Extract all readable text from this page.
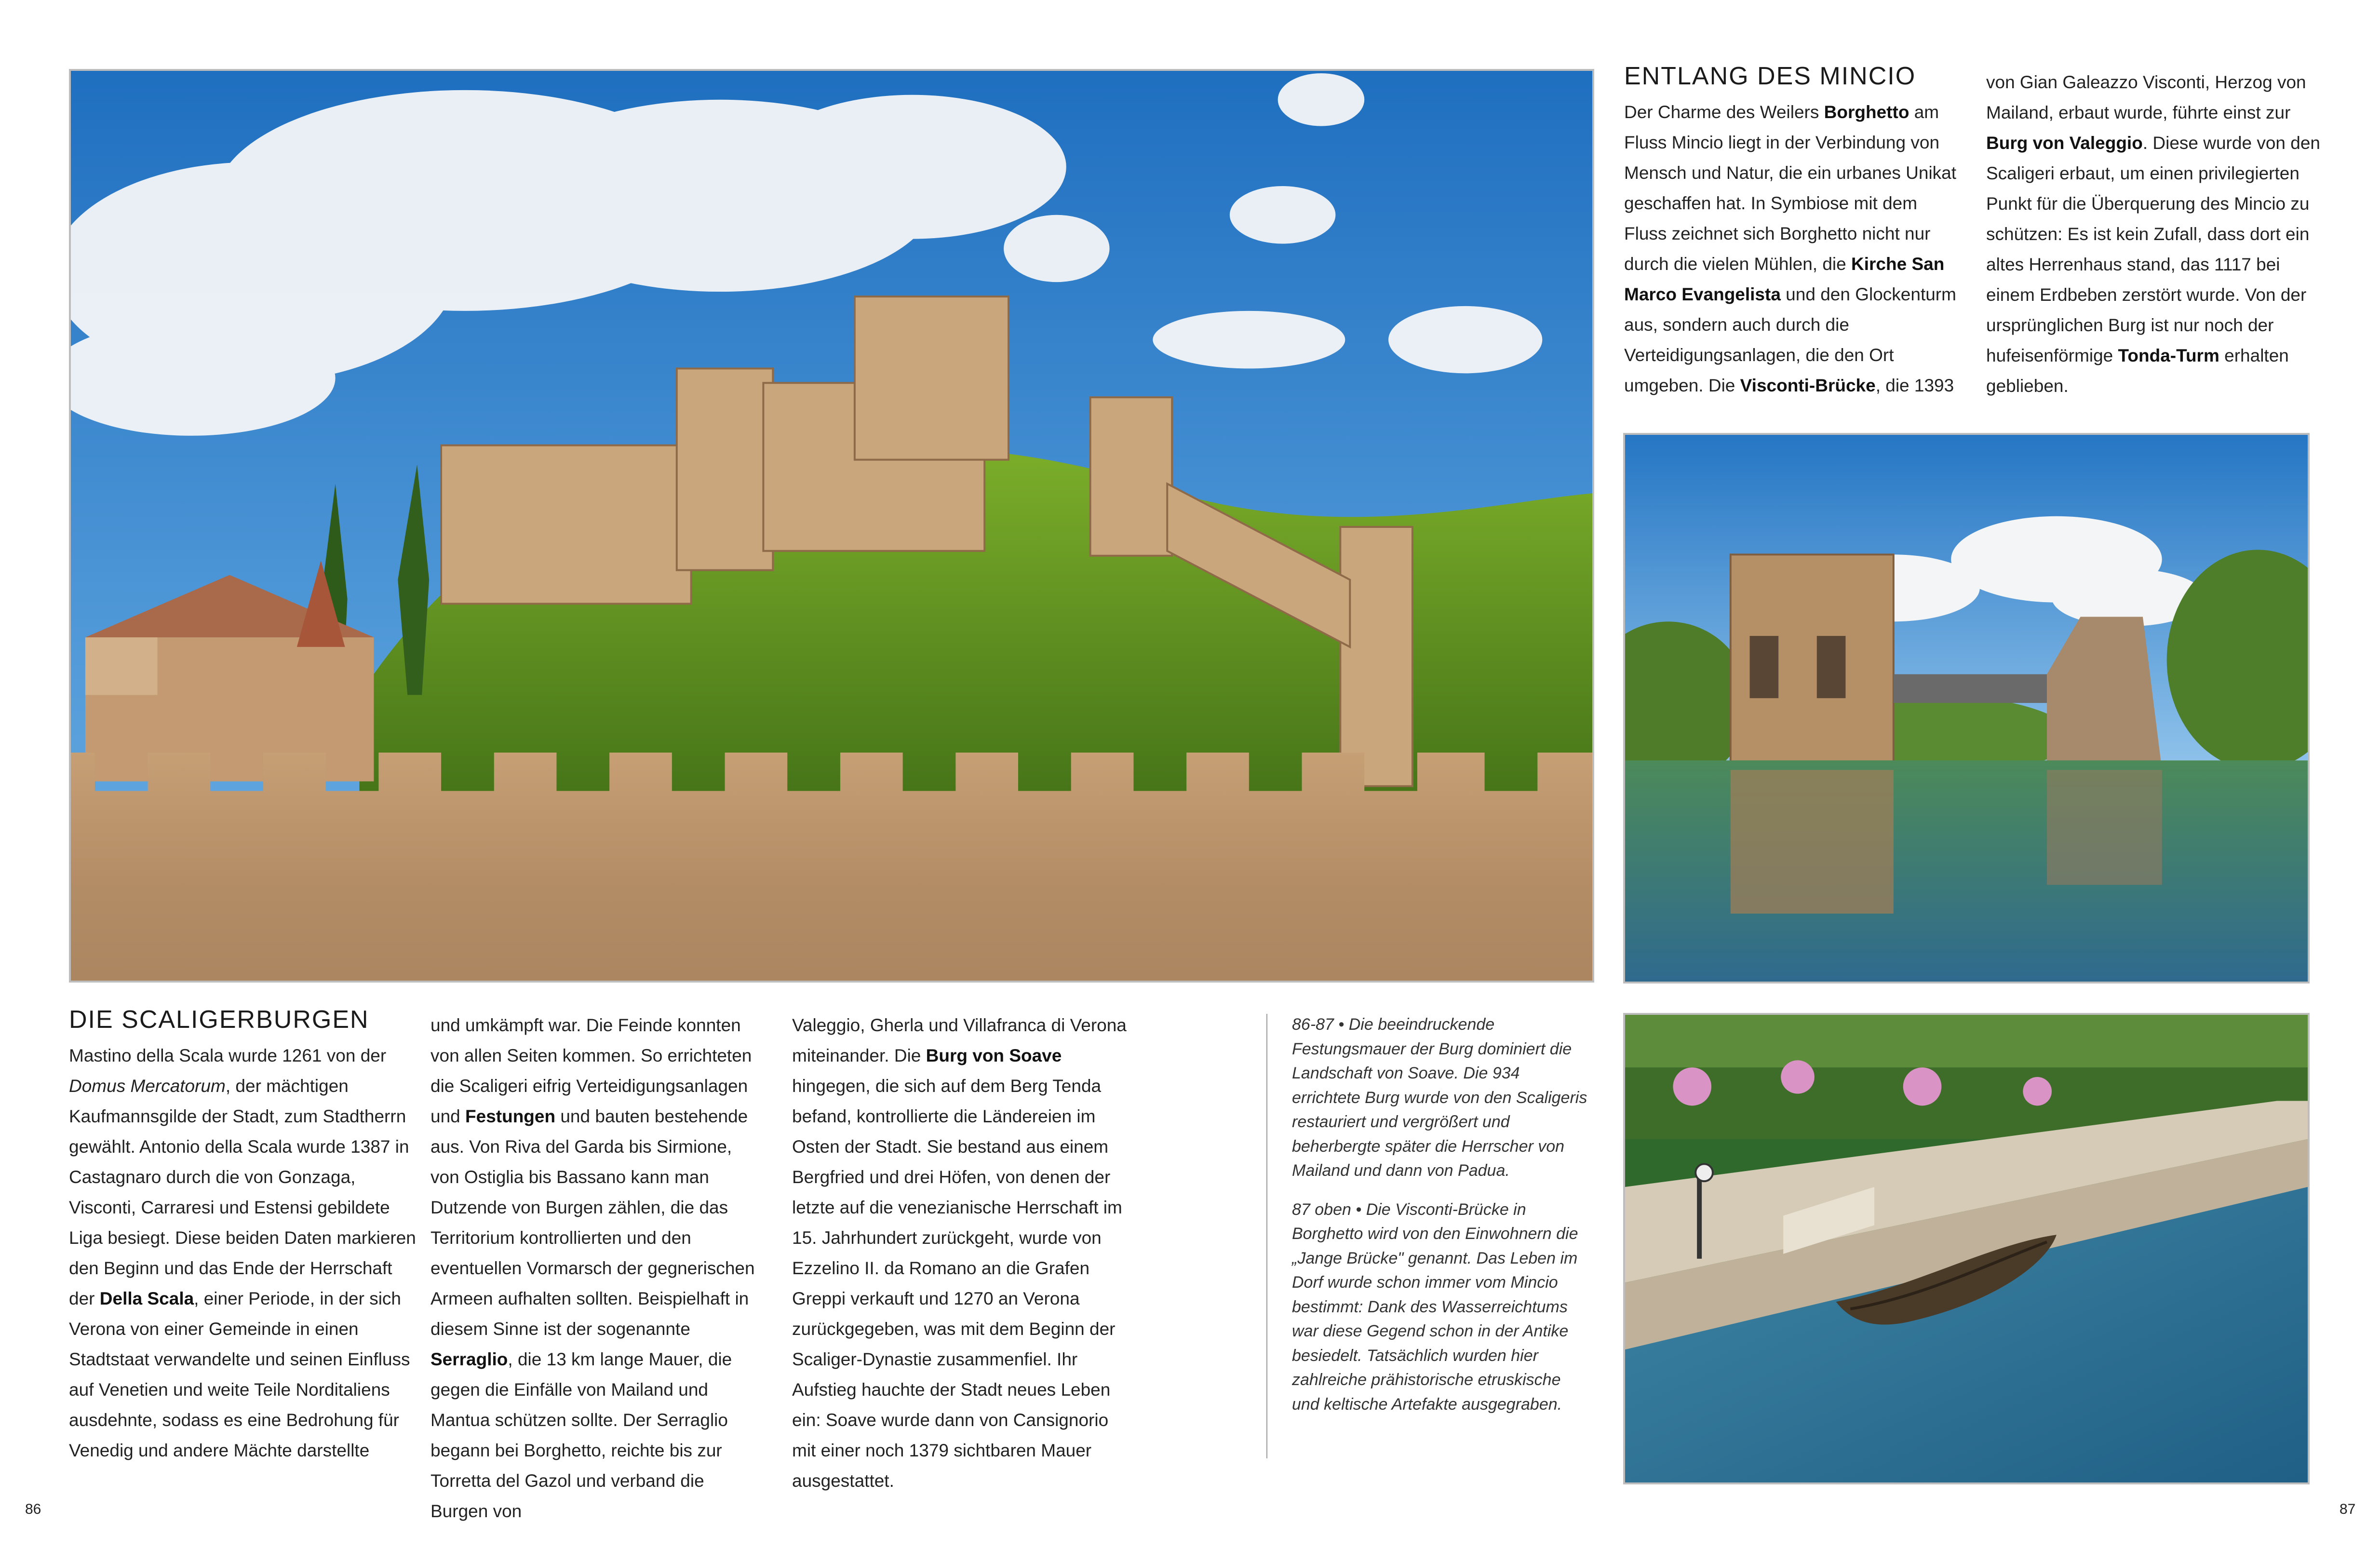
ENTLANG DES MINCIO

Der Charme des Weilers Borghetto am Fluss Mincio liegt in der Verbindung von Mensch und Natur, die ein urbanes Unikat geschaffen hat. In Symbiose mit dem Fluss zeichnet sich Borghetto nicht nur durch die vielen Mühlen, die Kirche San Marco Evangelista und den Glockenturm aus, sondern auch durch die Verteidigungsanlagen, die den Ort umgeben. Die Visconti-Brücke, die 1393

von Gian Galeazzo Visconti, Herzog von Mailand, erbaut wurde, führte einst zur Burg von Valeggio. Diese wurde von den Scaligeri erbaut, um einen privilegierten Punkt für die Überquerung des Mincio zu schützen: Es ist kein Zufall, dass dort ein altes Herrenhaus stand, das 1117 bei einem Erdbeben zerstört wurde. Von der ursprünglichen Burg ist nur noch der hufeisenförmige Tonda-Turm erhalten geblieben.

DIE SCALIGERBURGEN

Mastino della Scala wurde 1261 von der Domus Mercatorum, der mächtigen Kaufmannsgilde der Stadt, zum Stadtherrn gewählt. Antonio della Scala wurde 1387 in Castagnaro durch die von Gonzaga, Visconti, Carraresi und Estensi gebildete Liga besiegt. Diese beiden Daten markieren den Beginn und das Ende der Herrschaft der Della Scala, einer Periode, in der sich Verona von einer Gemeinde in einen Stadtstaat verwandelte und seinen Einfluss auf Venetien und weite Teile Norditaliens ausdehnte, sodass es eine Bedrohung für Venedig und andere Mächte darstellte

und umkämpft war. Die Feinde konnten von allen Seiten kommen. So errichteten die Scaligeri eifrig Verteidigungsanlagen und Festungen und bauten bestehende aus. Von Riva del Garda bis Sirmione, von Ostiglia bis Bassano kann man Dutzende von Burgen zählen, die das Territorium kontrollierten und den eventuellen Vormarsch der gegnerischen Armeen aufhalten sollten. Beispielhaft in diesem Sinne ist der sogenannte Serraglio, die 13 km lange Mauer, die gegen die Einfälle von Mailand und Mantua schützen sollte. Der Serraglio begann bei Borghetto, reichte bis zur Torretta del Gazol und verband die Burgen von

Valeggio, Gherla und Villafranca di Verona miteinander. Die Burg von Soave hingegen, die sich auf dem Berg Tenda befand, kontrollierte die Ländereien im Osten der Stadt. Sie bestand aus einem Bergfried und drei Höfen, von denen der letzte auf die venezianische Herrschaft im 15. Jahrhundert zurückgeht, wurde von Ezzelino II. da Romano an die Grafen Greppi verkauft und 1270 an Verona zurückgegeben, was mit dem Beginn der Scaliger-Dynastie zusammenfiel. Ihr Aufstieg hauchte der Stadt neues Leben ein: Soave wurde dann von Cansignorio mit einer noch 1379 sichtbaren Mauer ausgestattet.

86-87 • Die beeindruckende Festungsmauer der Burg dominiert die Landschaft von Soave. Die 934 errichtete Burg wurde von den Scaligeris restauriert und vergrößert und beherbergte später die Herrscher von Mailand und dann von Padua.

87 oben • Die Visconti-Brücke in Borghetto wird von den Einwohnern die „Jange Brücke" genannt. Das Leben im Dorf wurde schon immer vom Mincio bestimmt: Dank des Wasserreichtums war diese Gegend schon in der Antike besiedelt. Tatsächlich wurden hier zahlreiche prähistorische etruskische und keltische Artefakte ausgegraben.

86	87
